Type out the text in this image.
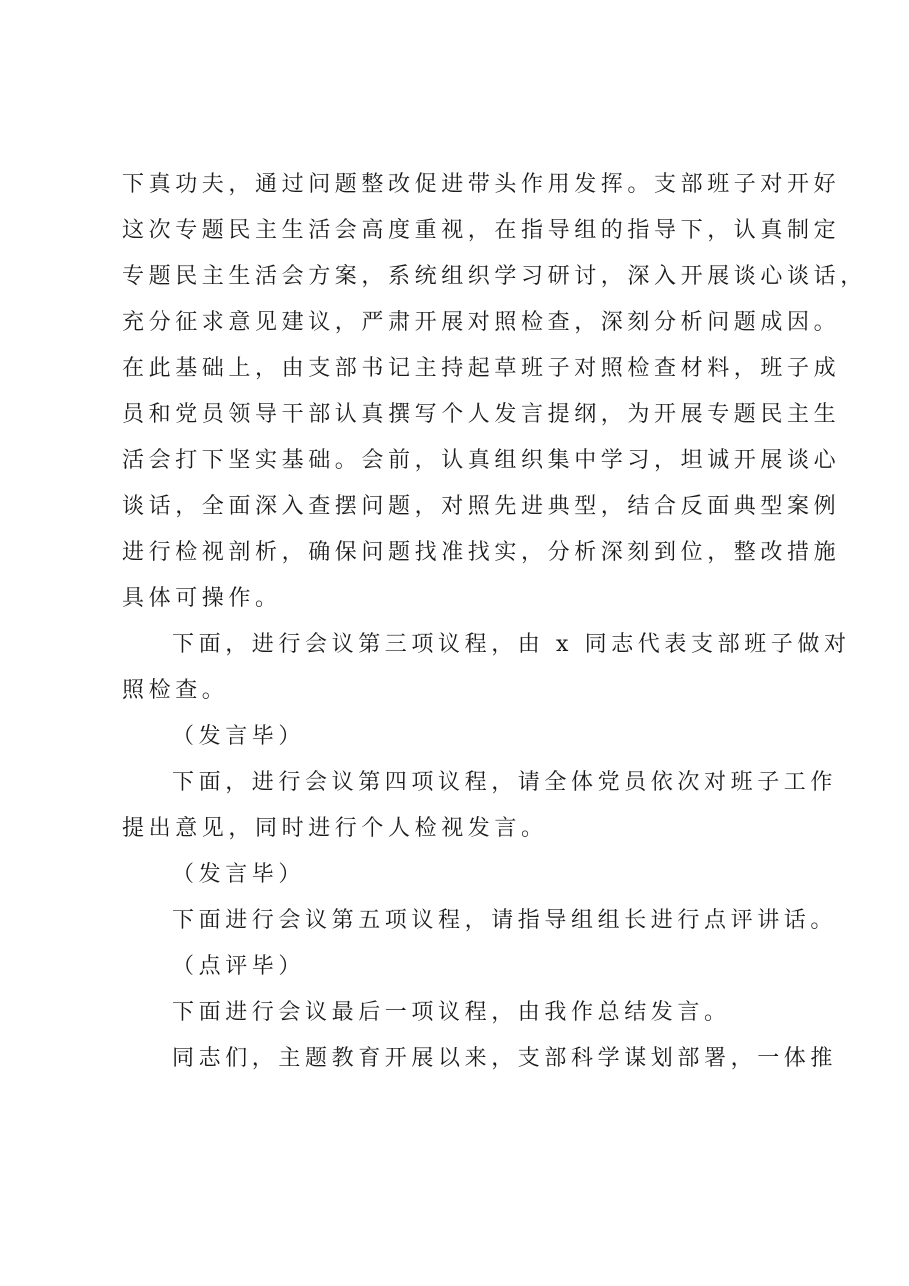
下真功夫，通过问题整改促进带头作用发挥。支部班子对开好
这次专题民主生活会高度重视，在指导组的指导下，认真制定
专题民主生活会方案，系统组织学习研讨，深入开展谈心谈话，
充分征求意见建议，严肃开展对照检查，深刻分析问题成因。
在此基础上，由支部书记主持起草班子对照检查材料，班子成
员和党员领导干部认真撰写个人发言提纲，为开展专题民主生
活会打下坚实基础。会前，认真组织集中学习，坦诚开展谈心
谈话，全面深入查摆问题，对照先进典型，结合反面典型案例
进行检视剖析，确保问题找准找实，分析深刻到位，整改措施
具体可操作。
下面，进行会议第三项议程，由 x 同志代表支部班子做对
照检查。
（发言毕）
下面，进行会议第四项议程，请全体党员依次对班子工作
提出意见，同时进行个人检视发言。
（发言毕）
下面进行会议第五项议程，请指导组组长进行点评讲话。
（点评毕）
下面进行会议最后一项议程，由我作总结发言。
同志们，主题教育开展以来，支部科学谋划部署，一体推
